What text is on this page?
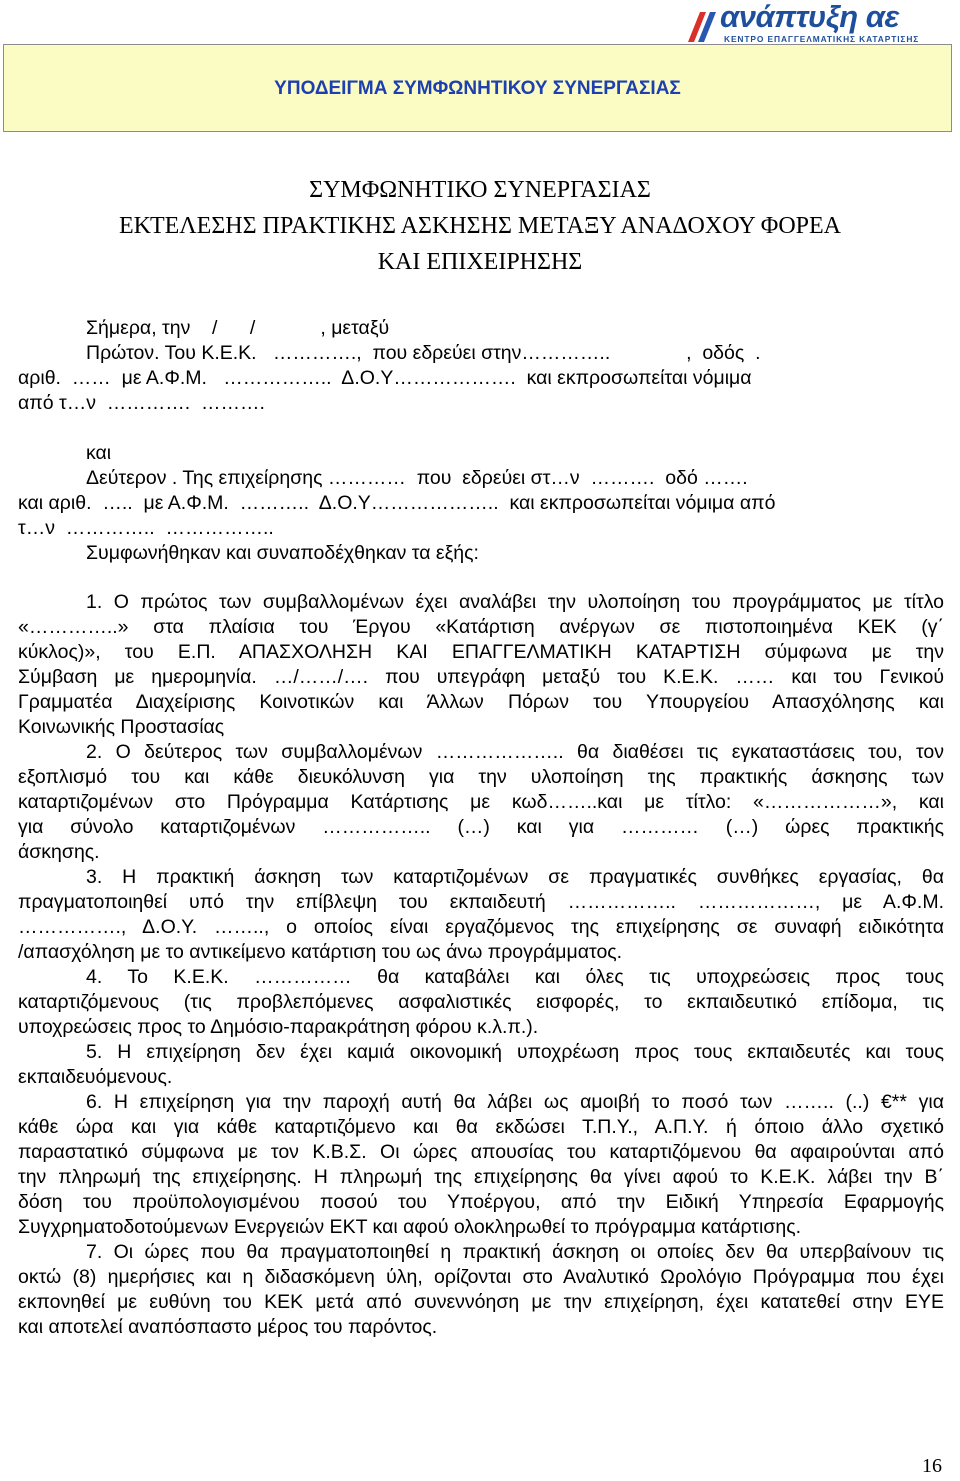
ανάπτυξη αε
ΚΕΝΤΡΟ ΕΠΑΓΓΕΛΜΑΤΙΚΗΣ ΚΑΤΑΡΤΙΣΗΣ
ΥΠΟΔΕΙΓΜΑ ΣΥΜΦΩΝΗΤΙΚΟΥ ΣΥΝΕΡΓΑΣΙΑΣ
ΣΥΜΦΩΝΗΤΙΚΟ ΣΥΝΕΡΓΑΣΙΑΣ
ΕΚΤΕΛΕΣΗΣ ΠΡΑΚΤΙΚΗΣ ΑΣΚΗΣΗΣ ΜΕΤΑΞΥ ΑΝΑΔΟΧΟΥ ΦΟΡΕΑ
ΚΑΙ ΕΠΙΧΕΙΡΗΣΗΣ
Σήμερα, την    /      /            , μεταξύ
Πρώτον. Του Κ.Ε.Κ.   ………….,  που εδρεύει στην…………..              ,  οδός  .
αριθ.  ……  με Α.Φ.Μ.   ……………..  Δ.Ο.Υ……………….  και εκπροσωπείται νόμιμα
από τ…ν  ………….  ……….
και
Δεύτερον . Της επιχείρησης …………  που  εδρεύει στ…ν  ……….  οδό …….
και αριθ.  …..  με Α.Φ.Μ.  ………..  Δ.Ο.Υ………………..  και εκπροσωπείται νόμιμα από
τ…ν  …………..  ……………..
Συμφωνήθηκαν και συναποδέχθηκαν τα εξής:
1. Ο πρώτος των συμβαλλομένων έχει αναλάβει την υλοποίηση του προγράμματος με τίτλο
«…………..» στα πλαίσια του Έργου «Κατάρτιση ανέργων σε πιστοποιημένα ΚΕΚ (γ΄
κύκλος)», του Ε.Π. ΑΠΑΣΧΟΛΗΣΗ ΚΑΙ ΕΠΑΓΓΕΛΜΑΤΙΚΗ ΚΑΤΑΡΤΙΣΗ σύμφωνα με την
Σύμβαση με ημερομηνία. …/……/…. που υπεγράφη μεταξύ του Κ.Ε.Κ. …… και του Γενικού
Γραμματέα Διαχείρισης Κοινοτικών και Άλλων Πόρων του Υπουργείου Απασχόλησης και
Κοινωνικής Προστασίας
2. Ο δεύτερος των συμβαλλομένων ……………….. θα διαθέσει τις εγκαταστάσεις του, τον
εξοπλισμό του και κάθε διευκόλυνση για την υλοποίηση της πρακτικής άσκησης των
καταρτιζομένων στο Πρόγραμμα Κατάρτισης με κωδ……..και με τίτλο: «………………», και
για σύνολο καταρτιζομένων …………….. (…) και για ………… (…) ώρες πρακτικής
άσκησης.
3. Η πρακτική άσκηση των καταρτιζομένων σε πραγματικές συνθήκες εργασίας, θα
πραγματοποιηθεί υπό την επίβλεψη του εκπαιδευτή …………….. ………………, με Α.Φ.Μ.
……………., Δ.Ο.Υ. …….., ο οποίος είναι εργαζόμενος της επιχείρησης σε συναφή ειδικότητα
/απασχόληση με το αντικείμενο κατάρτιση του ως άνω προγράμματος.
4. Το Κ.Ε.Κ. …………… θα καταβάλει και όλες τις υποχρεώσεις προς τους
καταρτιζόμενους (τις προβλεπόμενες ασφαλιστικές εισφορές, το εκπαιδευτικό επίδομα, τις
υποχρεώσεις προς το Δημόσιο-παρακράτηση φόρου κ.λ.π.).
5. Η επιχείρηση δεν έχει καμιά οικονομική υποχρέωση προς τους εκπαιδευτές και τους
εκπαιδευόμενους.
6. Η επιχείρηση για την παροχή αυτή θα λάβει ως αμοιβή το ποσό των …….. (..) €** για
κάθε ώρα και για κάθε καταρτιζόμενο και θα εκδώσει Τ.Π.Υ., Α.Π.Υ. ή όποιο άλλο σχετικό
παραστατικό σύμφωνα με τον Κ.Β.Σ. Οι ώρες απουσίας του καταρτιζόμενου θα αφαιρούνται από
την πληρωμή της επιχείρησης. Η πληρωμή της επιχείρησης θα γίνει αφού το Κ.Ε.Κ. λάβει την Β΄
δόση του προϋπολογισμένου ποσού του Υποέργου, από την Ειδική Υπηρεσία Εφαρμογής
Συγχρηματοδοτούμενων Ενεργειών ΕΚΤ και αφού ολοκληρωθεί το πρόγραμμα κατάρτισης.
7. Οι ώρες που θα πραγματοποιηθεί η πρακτική άσκηση οι οποίες δεν θα υπερβαίνουν τις
οκτώ (8) ημερήσιες και η διδασκόμενη ύλη, ορίζονται στο Αναλυτικό Ωρολόγιο Πρόγραμμα που έχει
εκπονηθεί με ευθύνη του ΚΕΚ μετά από συνεννόηση με την επιχείρηση, έχει κατατεθεί στην ΕΥΕ
και αποτελεί αναπόσπαστο μέρος του παρόντος.
16
